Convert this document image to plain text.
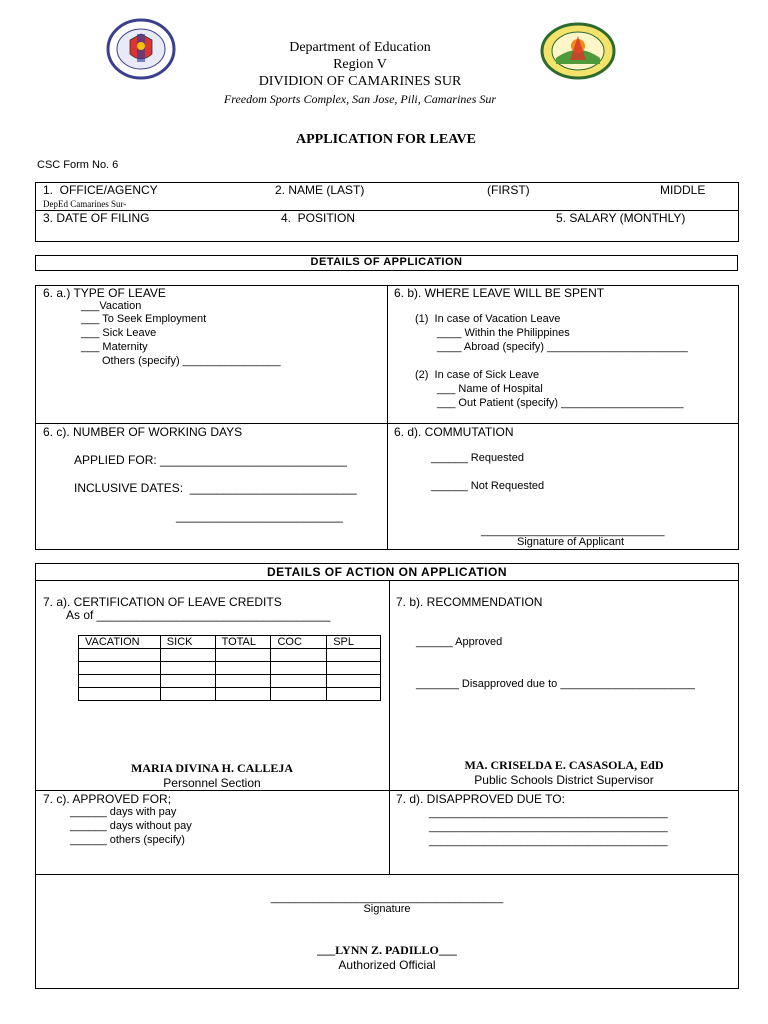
Department of Education
Region V
DIVIDION OF CAMARINES SUR
Freedom Sports Complex, San Jose, Pili, Camarines Sur
APPLICATION FOR LEAVE
CSC Form No. 6
1.  OFFICE/AGENCY
DepEd Camarines Sur-
2. NAME (LAST)	(FIRST)	MIDDLE
3. DATE OF FILING	4.  POSITION	5. SALARY (MONTHLY)
DETAILS OF APPLICATION
6. a.) TYPE OF LEAVE
___Vacation
___ To Seek Employment
___ Sick Leave
___ Maternity
Others (specify) ________________
6. b). WHERE LEAVE WILL BE SPENT
(1)  In case of Vacation Leave
____ Within the Philippines
____ Abroad (specify) _______________________
(2)  In case of Sick Leave
___ Name of Hospital
___ Out Patient (specify) ____________________
6. c). NUMBER OF WORKING DAYS
APPLIED FOR: ____________________________
INCLUSIVE DATES:  _________________________
_________________________
6. d). COMMUTATION
______ Requested
______ Not Requested
______________________________
Signature of Applicant
DETAILS OF ACTION ON APPLICATION
7. a). CERTIFICATION OF LEAVE CREDITS
As of ___________________________________
VACATION	SICK	TOTAL	COC	SPL

MARIA DIVINA H. CALLEJA
Personnel Section
7. b). RECOMMENDATION
______ Approved
_______ Disapproved due to ______________________
MA. CRISELDA E. CASASOLA, EdD
Public Schools District Supervisor
7. c). APPROVED FOR;
______ days with pay
______ days without pay
______ others (specify)
7. d). DISAPPROVED DUE TO:
_______________________________________
_______________________________________
_______________________________________
______________________________________
Signature
___LYNN Z. PADILLO___
Authorized Official
